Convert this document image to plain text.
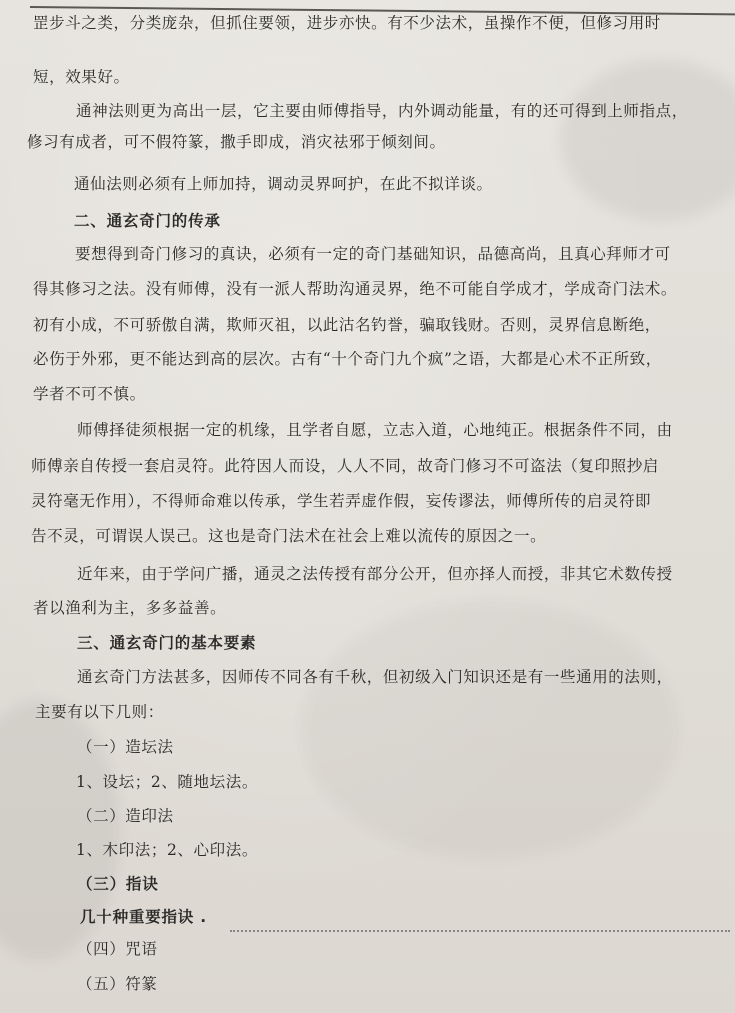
罡步斗之类，分类庞杂，但抓住要领，进步亦快。有不少法术，虽操作不便，但修习用时
短，效果好。
通神法则更为高出一层，它主要由师傅指导，内外调动能量，有的还可得到上师指点，
修习有成者，可不假符篆，撒手即成，消灾祛邪于倾刻间。
通仙法则必须有上师加持，调动灵界呵护，在此不拟详谈。
二、通玄奇门的传承
要想得到奇门修习的真诀，必须有一定的奇门基础知识，品德高尚，且真心拜师才可
得其修习之法。没有师傅，没有一派人帮助沟通灵界，绝不可能自学成才，学成奇门法术。
初有小成，不可骄傲自满，欺师灭祖，以此沽名钓誉，骗取钱财。否则，灵界信息断绝，
必伤于外邪，更不能达到高的层次。古有“十个奇门九个疯”之语，大都是心术不正所致，
学者不可不慎。
师傅择徒须根据一定的机缘，且学者自愿，立志入道，心地纯正。根据条件不同，由
师傅亲自传授一套启灵符。此符因人而设，人人不同，故奇门修习不可盗法（复印照抄启
灵符毫无作用），不得师命难以传承，学生若弄虚作假，妄传谬法，师傅所传的启灵符即
告不灵，可谓误人误己。这也是奇门法术在社会上难以流传的原因之一。
近年来，由于学问广播，通灵之法传授有部分公开，但亦择人而授，非其它术数传授
者以渔利为主，多多益善。
三、通玄奇门的基本要素
通玄奇门方法甚多，因师传不同各有千秋，但初级入门知识还是有一些通用的法则，
主要有以下几则：
（一）造坛法
1、设坛；2、随地坛法。
（二）造印法
1、木印法；2、心印法。
（三）指诀
几十种重要指诀 .
（四）咒语
（五）符篆
